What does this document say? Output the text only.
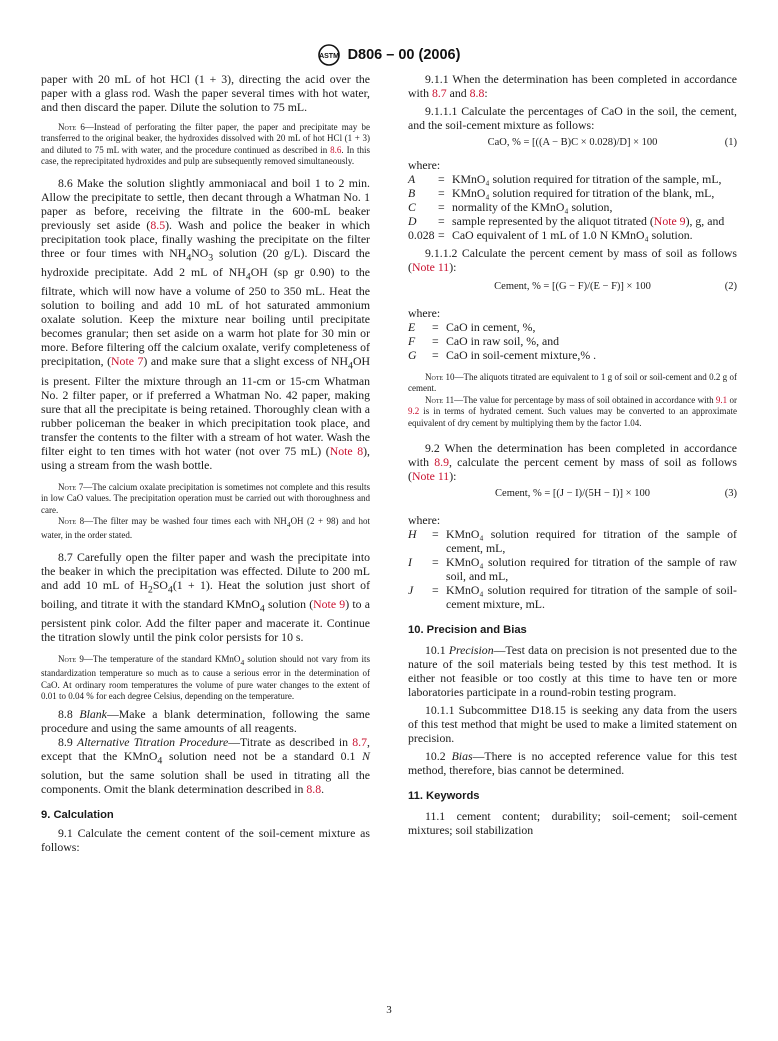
ASTM D806 – 00 (2006)

paper with 20 mL of hot HCl (1 + 3), directing the acid over the paper with a glass rod. Wash the paper several times with hot water, and then discard the paper. Dilute the solution to 75 mL.

Note 6—Instead of perforating the filter paper, the paper and precipitate may be transferred to the original beaker, the hydroxides dissolved with 20 mL of hot HCl (1 + 3) and diluted to 75 mL with water, and the procedure continued as described in 8.6. In this case, the reprecipitated hydroxides and pulp are subsequently removed simultaneously.

8.6 Make the solution slightly ammoniacal and boil 1 to 2 min. Allow the precipitate to settle, then decant through a Whatman No. 1 paper as before, receiving the filtrate in the 600-mL beaker previously set aside (8.5). Wash and police the beaker in which precipitation took place, finally washing the precipitate on the filter three or four times with $NH_4NO_3$ solution (20 g/L). Discard the hydroxide precipitate. Add 2 mL of $NH_4OH$ (sp gr 0.90) to the filtrate, which will now have a volume of 250 to 350 mL. Heat the solution to boiling and add 10 mL of hot saturated ammonium oxalate solution. Keep the mixture near boiling until precipitate becomes granular; then set aside on a warm hot plate for 30 min or more. Before filtering off the calcium oxalate, verify completeness of precipitation, (Note 7) and make sure that a slight excess of $NH_4OH$ is present. Filter the mixture through an 11-cm or 15-cm Whatman No. 2 filter paper, or if preferred a Whatman No. 42 paper, making sure that all the precipitate is being retained. Thoroughly clean with a rubber policeman the beaker in which precipitation took place, and transfer the contents to the filter with a stream of hot water. Wash the filter eight to ten times with hot water (not over 75 mL) (Note 8), using a stream from the wash bottle.

Note 7—The calcium oxalate precipitation is sometimes not complete and this results in low CaO values. The precipitation operation must be carried out with thoroughness and care.

Note 8—The filter may be washed four times each with $NH_4OH$ (2 + 98) and hot water, in the order stated.

8.7 Carefully open the filter paper and wash the precipitate into the beaker in which the precipitation was effected. Dilute to 200 mL and add 10 mL of $H_2SO_4(1 + 1)$. Heat the solution just short of boiling, and titrate it with the standard KMnO$_4$ solution (Note 9) to a persistent pink color. Add the filter paper and macerate it. Continue the titration slowly until the pink color persists for 10 s.

Note 9—The temperature of the standard KMnO$_4$ solution should not vary from its standardization temperature so much as to cause a serious error in the determination of CaO. At ordinary room temperatures the volume of pure water changes to the extent of 0.01 to 0.04 % for each degree Celsius, depending on the temperature.

8.8 Blank—Make a blank determination, following the same procedure and using the same amounts of all reagents.

8.9 Alternative Titration Procedure—Titrate as described in 8.7, except that the KMnO$_4$ solution need not be a standard 0.1 N solution, but the same solution shall be used in titrating all the components. Omit the blank determination described in 8.8.

9. Calculation

9.1 Calculate the cement content of the soil-cement mixture as follows:

9.1.1 When the determination has been completed in accordance with 8.7 and 8.8:

9.1.1.1 Calculate the percentages of CaO in the soil, the cement, and the soil-cement mixture as follows:

CaO, % = [((A − B)C × 0.028)/D] × 100	(1)

where:

A	= KMnO₄ solution required for titration of the sample, mL,
B	= KMnO₄ solution required for titration of the blank, mL,
C	= normality of the KMnO₄ solution,
D	= sample represented by the aliquot titrated (Note 9), g, and
0.028 = CaO equivalent of 1 mL of 1.0 N KMnO₄ solution.

9.1.1.2 Calculate the percent cement by mass of soil as follows (Note 11):

Cement, % = [(G − F)/(E − F)] × 100	(2)

where:

E	= CaO in cement, %,
F	= CaO in raw soil, %, and
G	= CaO in soil-cement mixture,% .

Note 10—The aliquots titrated are equivalent to 1 g of soil or soil-cement and 0.2 g of cement.

Note 11—The value for percentage by mass of soil obtained in accordance with 9.1 or 9.2 is in terms of hydrated cement. Such values may be converted to an approximate equivalent of dry cement by multiplying them by the factor 1.04.

9.2 When the determination has been completed in accordance with 8.9, calculate the percent cement by mass of soil as follows (Note 11):

Cement, % = [(J − I)/(5H − I)] × 100	(3)

where:

H	= KMnO₄ solution required for titration of the sample of cement, mL,
I	= KMnO₄ solution required for titration of the sample of raw soil, and mL,
J	= KMnO₄ solution required for titration of the sample of soil-cement mixture, mL.
10. Precision and Bias

10.1 Precision—Test data on precision is not presented due to the nature of the soil materials being tested by this test method. It is either not feasible or too costly at this time to have ten or more laboratories participate in a round-robin testing program.

10.1.1 Subcommittee D18.15 is seeking any data from the users of this test method that might be used to make a limited statement on precision.

10.2 Bias—There is no accepted reference value for this test method, therefore, bias cannot be determined.

11. Keywords

11.1 cement content; durability; soil-cement; soil-cement mixtures; soil stabilization

3
